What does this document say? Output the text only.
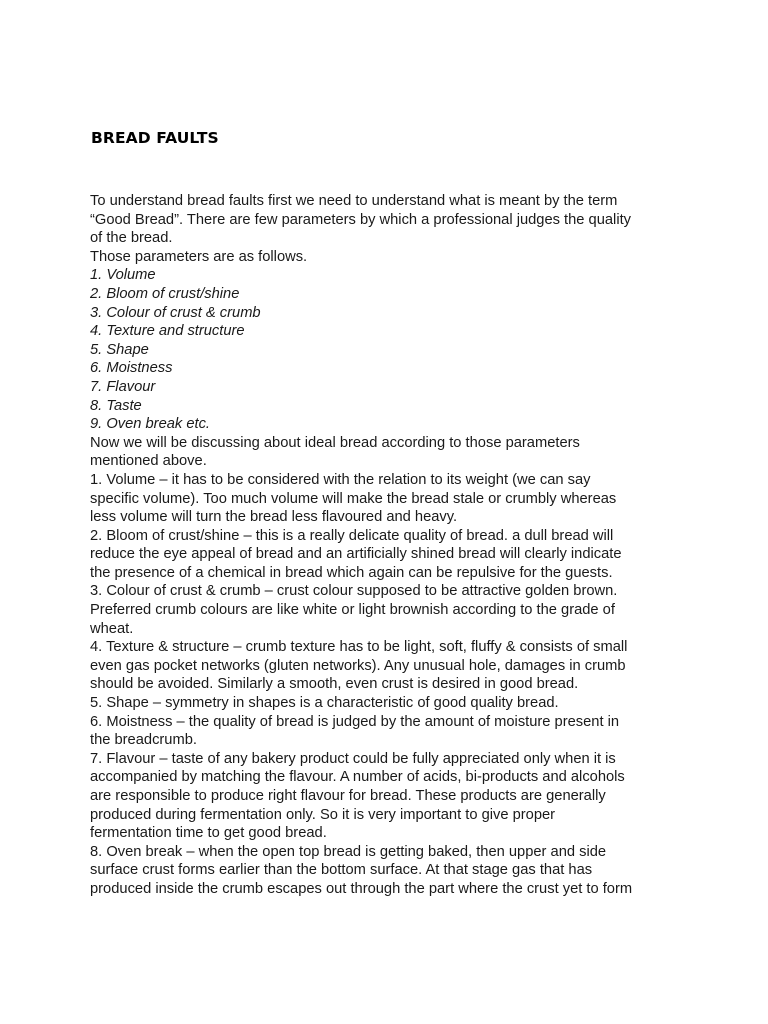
BREAD FAULTS
To understand bread faults first we need to understand what is meant by the term
“Good Bread”. There are few parameters by which a professional judges the quality
of the bread.
Those parameters are as follows.
1. Volume
2. Bloom of crust/shine
3. Colour of crust & crumb
4. Texture and structure
5. Shape
6. Moistness
7. Flavour
8. Taste
9. Oven break etc.
Now we will be discussing about ideal bread according to those parameters
mentioned above.
1. Volume – it has to be considered with the relation to its weight (we can say
specific volume). Too much volume will make the bread stale or crumbly whereas
less volume will turn the bread less flavoured and heavy.
2. Bloom of crust/shine – this is a really delicate quality of bread. a dull bread will
reduce the eye appeal of bread and an artificially shined bread will clearly indicate
the presence of a chemical in bread which again can be repulsive for the guests.
3. Colour of crust & crumb – crust colour supposed to be attractive golden brown.
Preferred crumb colours are like white or light brownish according to the grade of
wheat.
4. Texture & structure – crumb texture has to be light, soft, fluffy & consists of small
even gas pocket networks (gluten networks). Any unusual hole, damages in crumb
should be avoided. Similarly a smooth, even crust is desired in good bread.
5. Shape – symmetry in shapes is a characteristic of good quality bread.
6. Moistness – the quality of bread is judged by the amount of moisture present in
the breadcrumb.
7. Flavour – taste of any bakery product could be fully appreciated only when it is
accompanied by matching the flavour. A number of acids, bi-products and alcohols
are responsible to produce right flavour for bread. These products are generally
produced during fermentation only. So it is very important to give proper
fermentation time to get good bread.
8. Oven break – when the open top bread is getting baked, then upper and side
surface crust forms earlier than the bottom surface. At that stage gas that has
produced inside the crumb escapes out through the part where the crust yet to form
